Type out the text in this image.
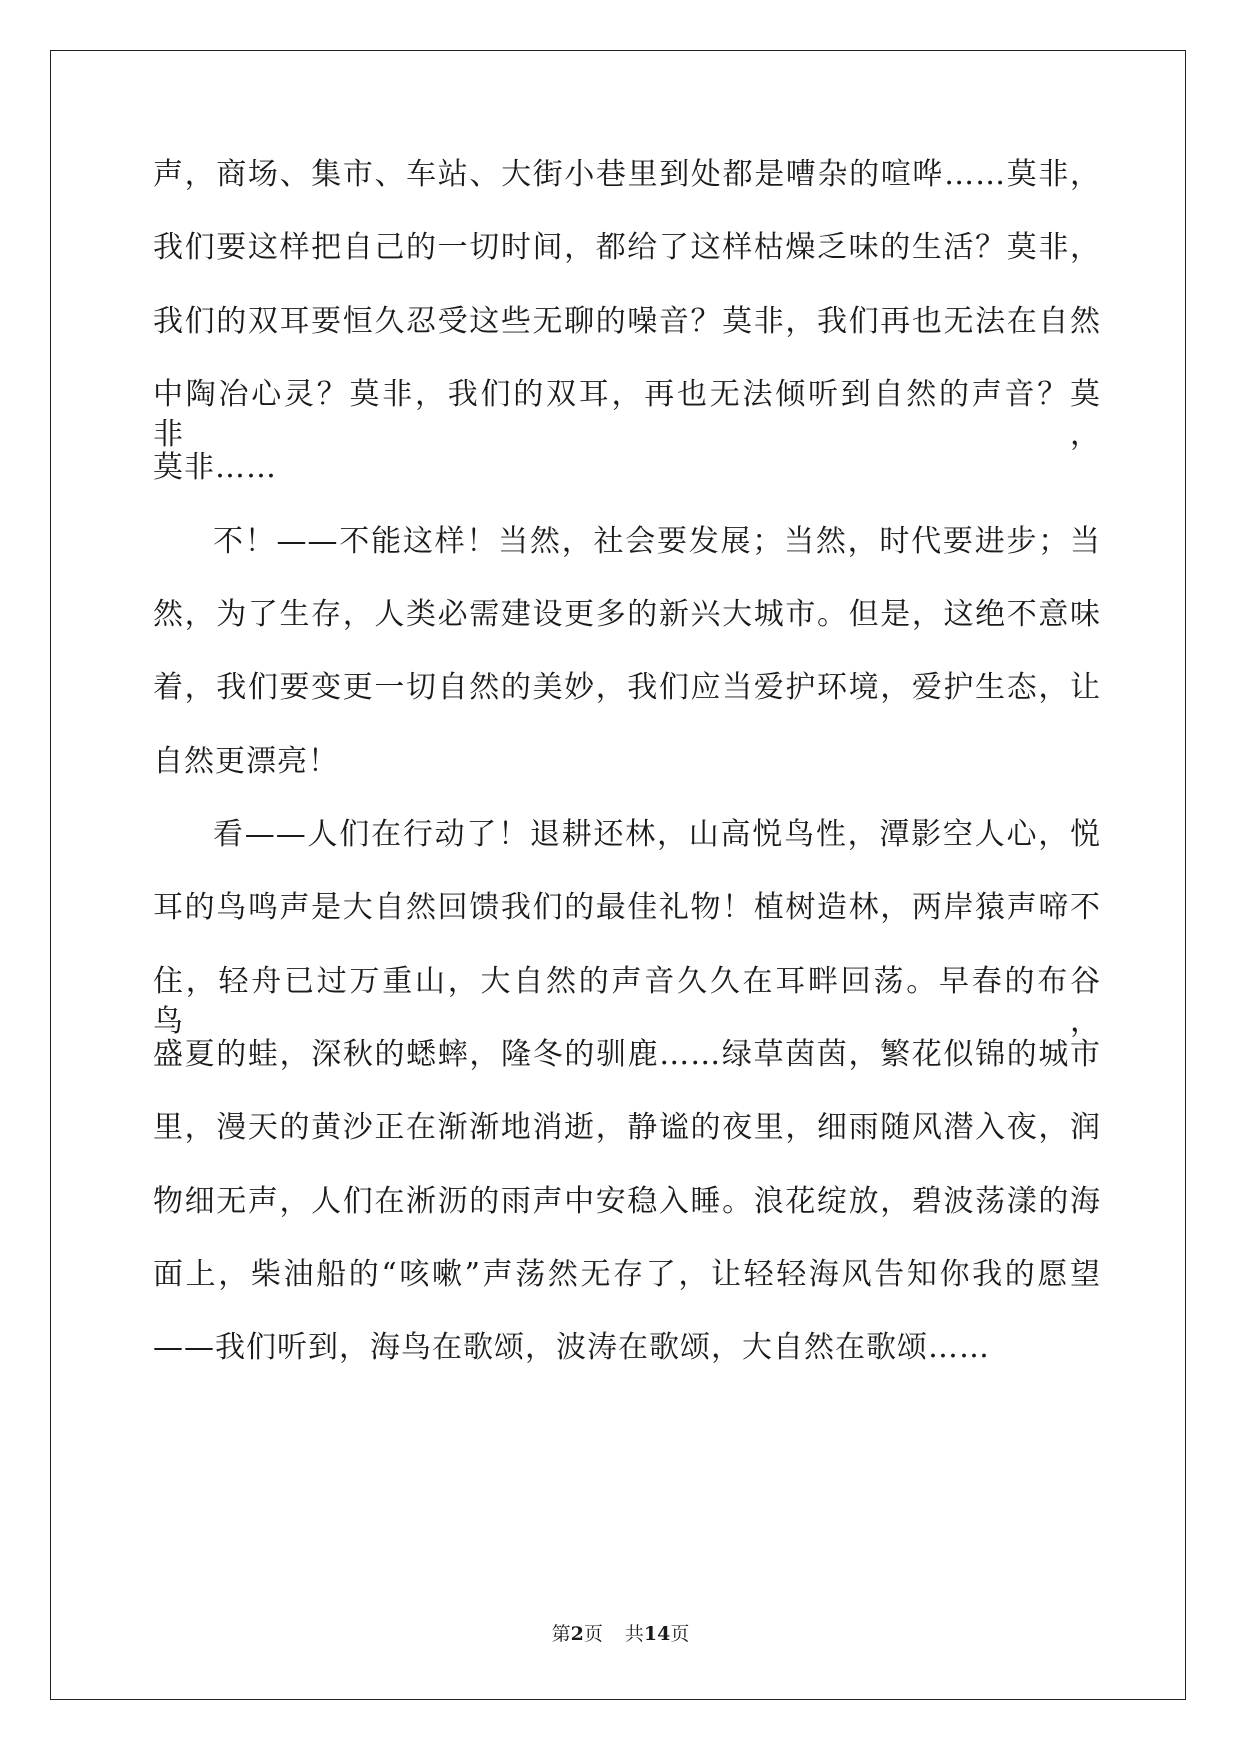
声，商场、集市、车站、大街小巷里到处都是嘈杂的喧哗……莫非，
我们要这样把自己的一切时间，都给了这样枯燥乏味的生活？莫非，
我们的双耳要恒久忍受这些无聊的噪音？莫非，我们再也无法在自然
中陶冶心灵？莫非，我们的双耳，再也无法倾听到自然的声音？莫非，
莫非……
不！——不能这样！当然，社会要发展；当然，时代要进步；当
然，为了生存，人类必需建设更多的新兴大城市。但是，这绝不意味
着，我们要变更一切自然的美妙，我们应当爱护环境，爱护生态，让
自然更漂亮！
看——人们在行动了！退耕还林，山高悦鸟性，潭影空人心，悦
耳的鸟鸣声是大自然回馈我们的最佳礼物！植树造林，两岸猿声啼不
住，轻舟已过万重山，大自然的声音久久在耳畔回荡。早春的布谷鸟，
盛夏的蛙，深秋的蟋蟀，隆冬的驯鹿……绿草茵茵，繁花似锦的城市
里，漫天的黄沙正在渐渐地消逝，静谧的夜里，细雨随风潜入夜，润
物细无声，人们在淅沥的雨声中安稳入睡。浪花绽放，碧波荡漾的海
面上，柴油船的“咳嗽”声荡然无存了，让轻轻海风告知你我的愿望
——我们听到，海鸟在歌颂，波涛在歌颂，大自然在歌颂……
第2页 共14页
